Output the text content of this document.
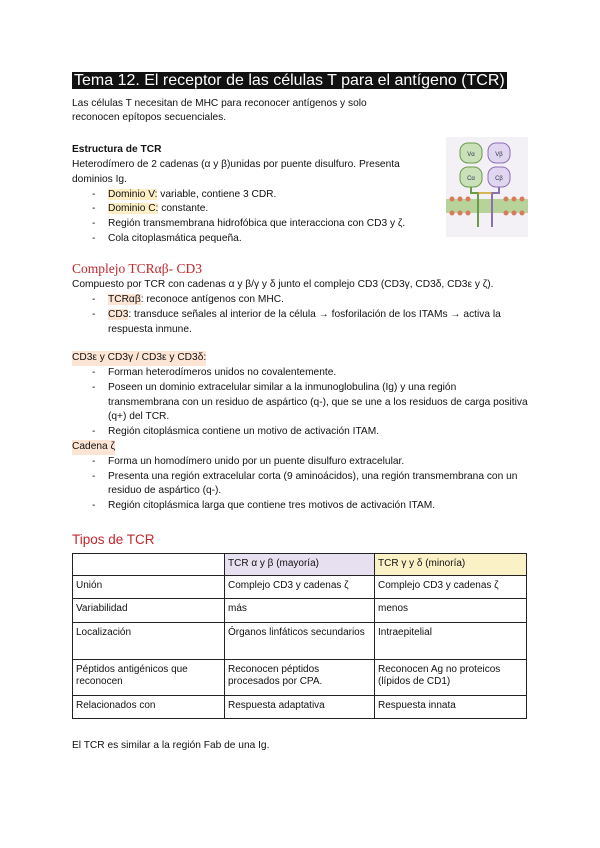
Tema 12. El receptor de las células T para el antígeno (TCR)

Las células T necesitan de MHC para reconocer antígenos y solo reconocen epítopos secuenciales.

Estructura de TCR

Heterodímero de 2 cadenas (α y β)unidas por puente disulfuro. Presenta dominios Ig.

- Dominio V: variable, contiene 3 CDR.
- Dominio C: constante.
- Región transmembrana hidrofóbica que interacciona con CD3 y ζ.
- Cola citoplasmática pequeña.
Complejo TCRαβ- CD3

Compuesto por TCR con cadenas α y β/γ y δ junto el complejo CD3 (CD3γ, CD3δ, CD3ε y ζ).

- TCRαβ: reconoce antígenos con MHC.
- CD3: transduce señales al interior de la célula → fosforilación de los ITAMs → activa la respuesta inmune.
CD3ε y CD3γ / CD3ε y CD3δ:
- Forman heterodímeros unidos no covalentemente.
- Poseen un dominio extracelular similar a la inmunoglobulina (Ig) y una región transmembrana con un residuo de aspártico (q-), que se une a los residuos de carga positiva (q+) del TCR.
- Región citoplásmica contiene un motivo de activación ITAM.
Cadena ζ
- Forma un homodímero unido por un puente disulfuro extracelular.
- Presenta una región extracelular corta (9 aminoácidos), una región transmembrana con un residuo de aspártico (q-).
- Región citoplásmica larga que contiene tres motivos de activación ITAM.
Tipos de TCR
	TCR α y β (mayoría)	TCR γ y δ (minoría)
Unión	Complejo CD3 y cadenas ζ	Complejo CD3 y cadenas ζ
Variabilidad	más	menos
Localización	Órganos linfáticos secundarios	Intraepitelial
Péptidos antigénicos que reconocen	Reconocen péptidos procesados por CPA.	Reconocen Ag no proteicos (lípidos de CD1)
Relacionados con	Respuesta adaptativa	Respuesta innata

El TCR es similar a la región Fab de una Ig.

Vα	Vβ
Cα	Cβ
